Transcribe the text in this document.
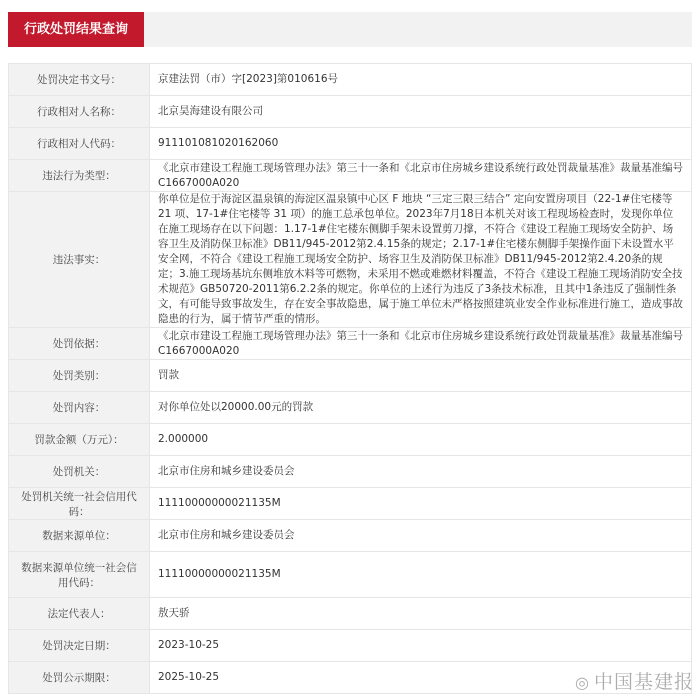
行政处罚结果查询
处罚决定书文号：	京建法罚（市）字[2023]第010616号
行政相对人名称：	北京昊海建设有限公司
行政相对人代码：	911101081020162060
违法行为类型：	《北京市建设工程施工现场管理办法》第三十一条和《北京市住房城乡建设系统行政处罚裁量基准》裁量基准编号C1667000A020
违法事实：	你单位是位于海淀区温泉镇的海淀区温泉镇中心区 F 地块 “三定三限三结合” 定向安置房项目（22-1#住宅楼等 21 项、17-1#住宅楼等 31 项）的施工总承包单位。2023年7月18日本机关对该工程现场检查时，发现你单位在施工现场存在以下问题：1.17-1#住宅楼东侧脚手架未设置剪刀撑，不符合《建设工程施工现场安全防护、场容卫生及消防保卫标准》DB11/945-2012第2.4.15条的规定；2.17-1#住宅楼东侧脚手架操作面下未设置水平安全网，不符合《建设工程施工现场安全防护、场容卫生及消防保卫标准》DB11/945-2012第2.4.20条的规定；3.施工现场基坑东侧堆放木料等可燃物，未采用不燃或难燃材料覆盖，不符合《建设工程施工现场消防安全技术规范》GB50720-2011第6.2.2条的规定。你单位的上述行为违反了3条技术标准，且其中1条违反了强制性条文，有可能导致事故发生，存在安全事故隐患，属于施工单位未严格按照建筑业安全作业标准进行施工，造成事故隐患的行为，属于情节严重的情形。
处罚依据：	《北京市建设工程施工现场管理办法》第三十一条和《北京市住房城乡建设系统行政处罚裁量基准》裁量基准编号C1667000A020
处罚类别：	罚款
处罚内容：	对你单位处以20000.00元的罚款
罚款金额（万元）：	2.000000
处罚机关：	北京市住房和城乡建设委员会
处罚机关统一社会信用代码：	11110000000021135M
数据来源单位：	北京市住房和城乡建设委员会
数据来源单位统一社会信用代码：	11110000000021135M
法定代表人：	敖天骄
处罚决定日期：	2023-10-25
处罚公示期限：	2025-10-25	◎ 中国基建报
